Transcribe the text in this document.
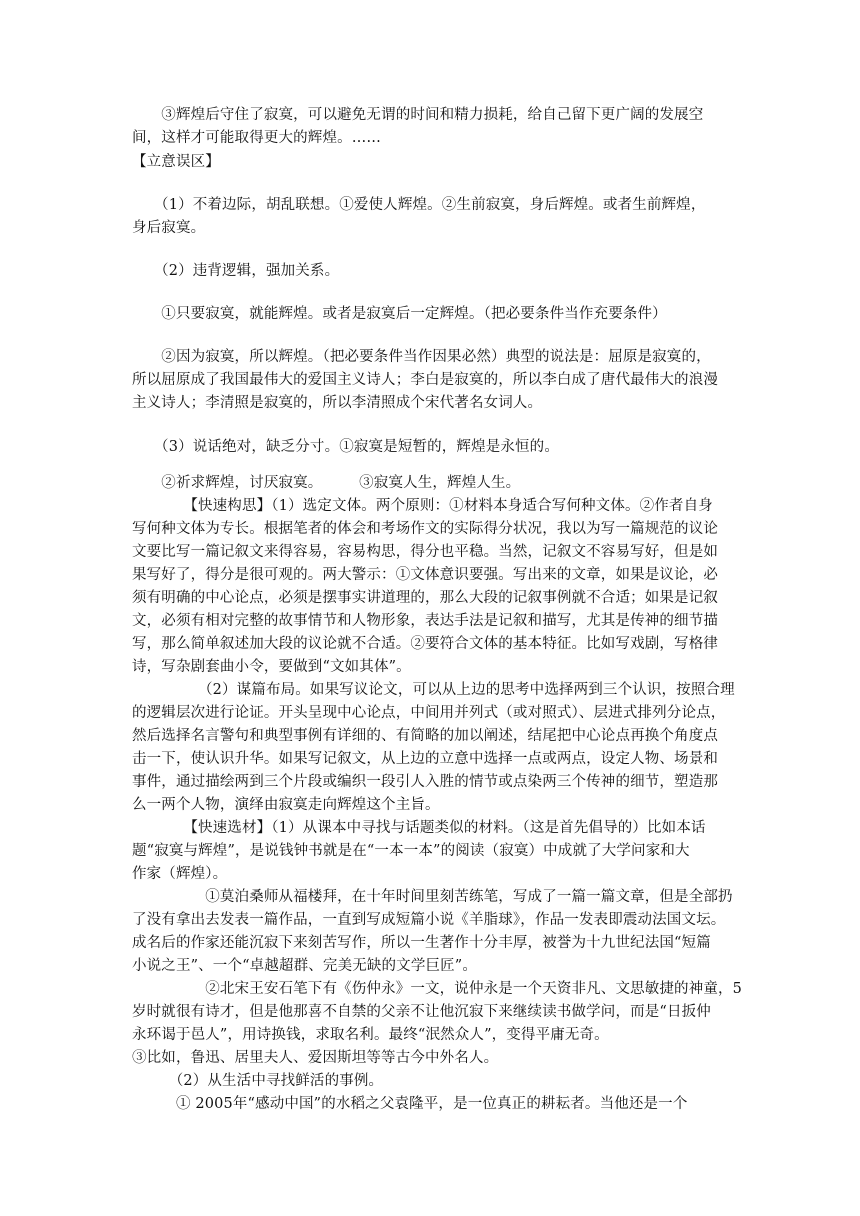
　　③辉煌后守住了寂寞，可以避免无谓的时间和精力损耗，给自己留下更广阔的发展空
间，这样才可能取得更大的辉煌。……
【立意误区】
　　（1）不着边际，胡乱联想。①爱使人辉煌。②生前寂寞，身后辉煌。或者生前辉煌，
身后寂寞。
　　（2）违背逻辑，强加关系。
　　①只要寂寞，就能辉煌。或者是寂寞后一定辉煌。（把必要条件当作充要条件）
　　②因为寂寞，所以辉煌。（把必要条件当作因果必然）典型的说法是：屈原是寂寞的，
所以屈原成了我国最伟大的爱国主义诗人；李白是寂寞的，所以李白成了唐代最伟大的浪漫
主义诗人；李清照是寂寞的，所以李清照成个宋代著名女词人。
　　（3）说话绝对，缺乏分寸。①寂寞是短暂的，辉煌是永恒的。
　　②祈求辉煌，讨厌寂寞。　　　③寂寞人生，辉煌人生。
　　　　【快速构思】（1）选定文体。两个原则：①材料本身适合写何种文体。②作者自身
写何种文体为专长。根据笔者的体会和考场作文的实际得分状况，我以为写一篇规范的议论
文要比写一篇记叙文来得容易，容易构思，得分也平稳。当然，记叙文不容易写好，但是如
果写好了，得分是很可观的。两大警示：①文体意识要强。写出来的文章，如果是议论，必
须有明确的中心论点，必须是摆事实讲道理的，那么大段的记叙事例就不合适；如果是记叙
文，必须有相对完整的故事情节和人物形象，表达手法是记叙和描写，尤其是传神的细节描
写，那么简单叙述加大段的议论就不合适。②要符合文体的基本特征。比如写戏剧，写格律
诗，写杂剧套曲小令，要做到“文如其体”。
　　　　　（2）谋篇布局。如果写议论文，可以从上边的思考中选择两到三个认识，按照合理
的逻辑层次进行论证。开头呈现中心论点，中间用并列式（或对照式）、层进式排列分论点，
然后选择名言警句和典型事例有详细的、有简略的加以阐述，结尾把中心论点再换个角度点
击一下，使认识升华。如果写记叙文，从上边的立意中选择一点或两点，设定人物、场景和
事件，通过描绘两到三个片段或编织一段引人入胜的情节或点染两三个传神的细节，塑造那
么一两个人物，演绎由寂寞走向辉煌这个主旨。
　　　　【快速选材】（1）从课本中寻找与话题类似的材料。（这是首先倡导的）比如本话
题“寂寞与辉煌”，是说钱钟书就是在“一本一本”的阅读（寂寞）中成就了大学问家和大
作家（辉煌）。
　　　　　①莫泊桑师从福楼拜，在十年时间里刻苦练笔，写成了一篇一篇文章，但是全部扔
了没有拿出去发表一篇作品，一直到写成短篇小说《羊脂球》，作品一发表即震动法国文坛。
成名后的作家还能沉寂下来刻苦写作，所以一生著作十分丰厚，被誉为十九世纪法国“短篇
小说之王”、一个“卓越超群、完美无缺的文学巨匠”。
　　　　　②北宋王安石笔下有《伤仲永》一文，说仲永是一个天资非凡、文思敏捷的神童，5
岁时就很有诗才，但是他那喜不自禁的父亲不让他沉寂下来继续读书做学问，而是“日扳仲
永环谒于邑人”，用诗换钱，求取名利。最终“泯然众人”，变得平庸无奇。
③比如，鲁迅、居里夫人、爱因斯坦等等古今中外名人。
　　　（2）从生活中寻找鲜活的事例。
　　　① 2005年“感动中国”的水稻之父袁隆平，是一位真正的耕耘者。当他还是一个
